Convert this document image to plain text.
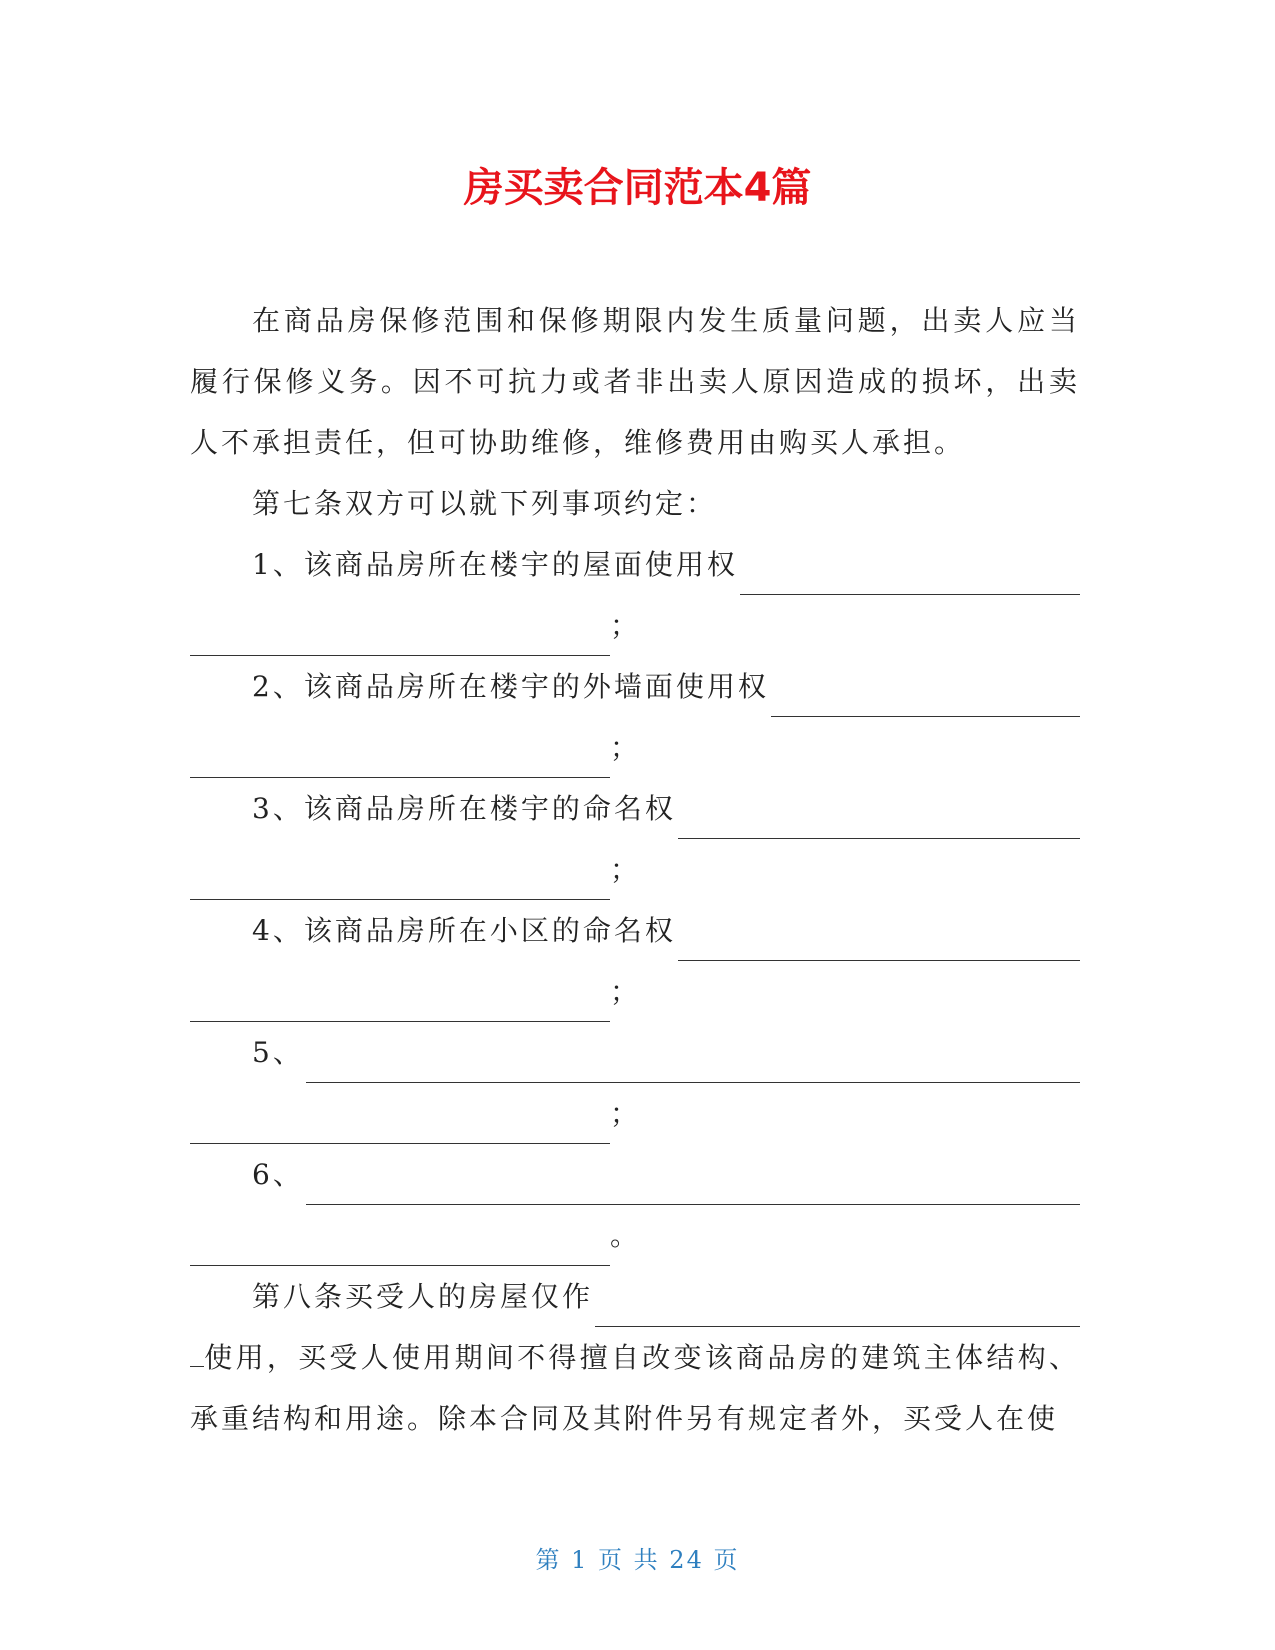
房买卖合同范本4篇

在商品房保修范围和保修期限内发生质量问题，出卖人应当履行保修义务。因不可抗力或者非出卖人原因造成的损坏，出卖人不承担责任，但可协助维修，维修费用由购买人承担。

第七条双方可以就下列事项约定：

1、该商品房所在楼宇的屋面使用权
；
2、该商品房所在楼宇的外墙面使用权
；
3、该商品房所在楼宇的命名权
；
4、该商品房所在小区的命名权
；
5、
；
6、
。
第八条买受人的房屋仅作

使用，买受人使用期间不得擅自改变该商品房的建筑主体结构、承重结构和用途。除本合同及其附件另有规定者外，买受人在使

第 1 页 共 24 页
